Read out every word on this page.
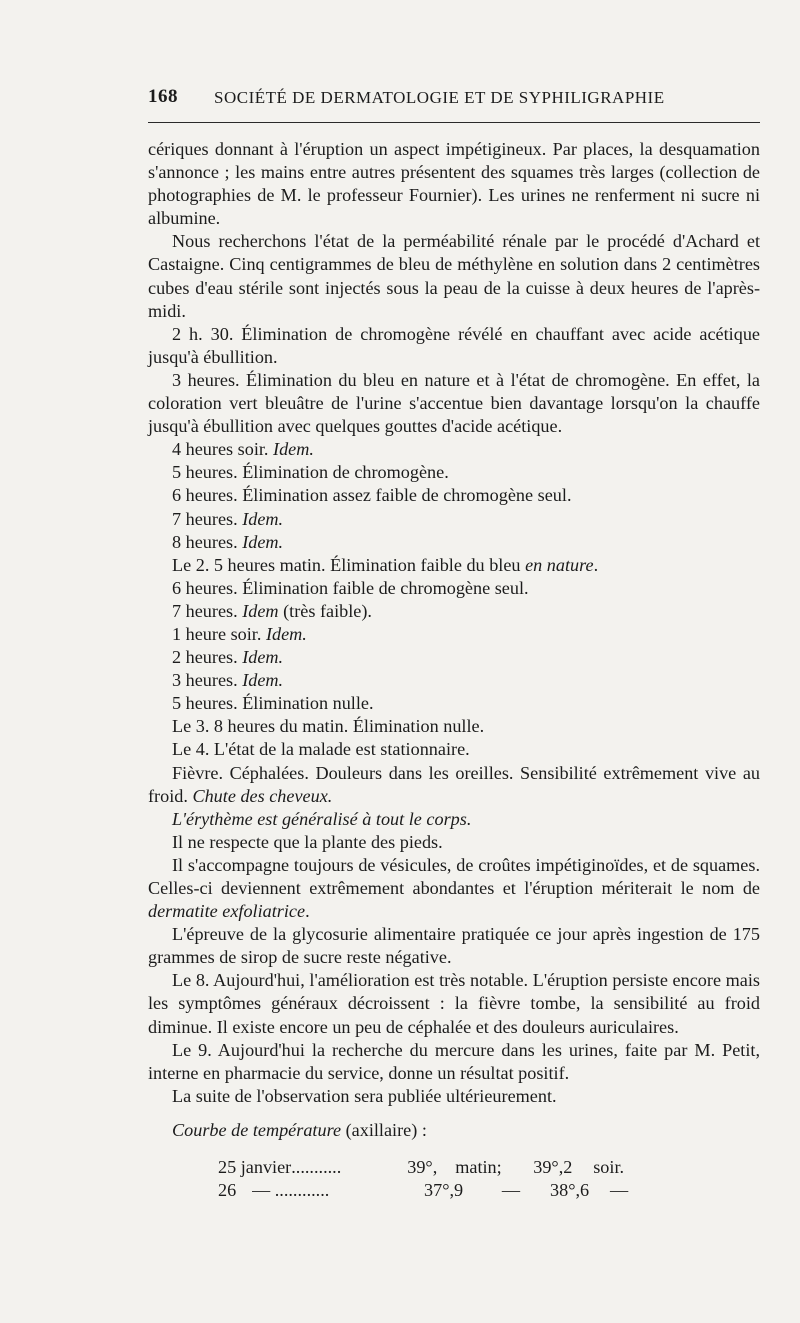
168 SOCIÉTÉ DE DERMATOLOGIE ET DE SYPHILIGRAPHIE

cériques donnant à l'éruption un aspect impétigineux. Par places, la desquamation s'annonce ; les mains entre autres présentent des squames très larges (collection de photographies de M. le professeur Fournier). Les urines ne renferment ni sucre ni albumine.

Nous recherchons l'état de la perméabilité rénale par le procédé d'Achard et Castaigne. Cinq centigrammes de bleu de méthylène en solution dans 2 centimètres cubes d'eau stérile sont injectés sous la peau de la cuisse à deux heures de l'après-midi.

2 h. 30. Élimination de chromogène révélé en chauffant avec acide acétique jusqu'à ébullition.

3 heures. Élimination du bleu en nature et à l'état de chromogène. En effet, la coloration vert bleuâtre de l'urine s'accentue bien davantage lorsqu'on la chauffe jusqu'à ébullition avec quelques gouttes d'acide acétique.

4 heures soir. Idem.

5 heures. Élimination de chromogène.

6 heures. Élimination assez faible de chromogène seul.

7 heures. Idem.

8 heures. Idem.

Le 2. 5 heures matin. Élimination faible du bleu en nature.

6 heures. Élimination faible de chromogène seul.

7 heures. Idem (très faible).

1 heure soir. Idem.

2 heures. Idem.

3 heures. Idem.

5 heures. Élimination nulle.

Le 3. 8 heures du matin. Élimination nulle.

Le 4. L'état de la malade est stationnaire.

Fièvre. Céphalées. Douleurs dans les oreilles. Sensibilité extrêmement vive au froid. Chute des cheveux.

L'érythème est généralisé à tout le corps.

Il ne respecte que la plante des pieds.

Il s'accompagne toujours de vésicules, de croûtes impétiginoïdes, et de squames. Celles-ci deviennent extrêmement abondantes et l'éruption mériterait le nom de dermatite exfoliatrice.

L'épreuve de la glycosurie alimentaire pratiquée ce jour après ingestion de 175 grammes de sirop de sucre reste négative.

Le 8. Aujourd'hui, l'amélioration est très notable. L'éruption persiste encore mais les symptômes généraux décroissent : la fièvre tombe, la sensibilité au froid diminue. Il existe encore un peu de céphalée et des douleurs auriculaires.

Le 9. Aujourd'hui la recherche du mercure dans les urines, faite par M. Petit, interne en pharmacie du service, donne un résultat positif.

La suite de l'observation sera publiée ultérieurement.

Courbe de température (axillaire) :

25 janvier ...........	39°, matin;	39°,2	soir.
26 — ............	37°,9	—	38°,6	—
